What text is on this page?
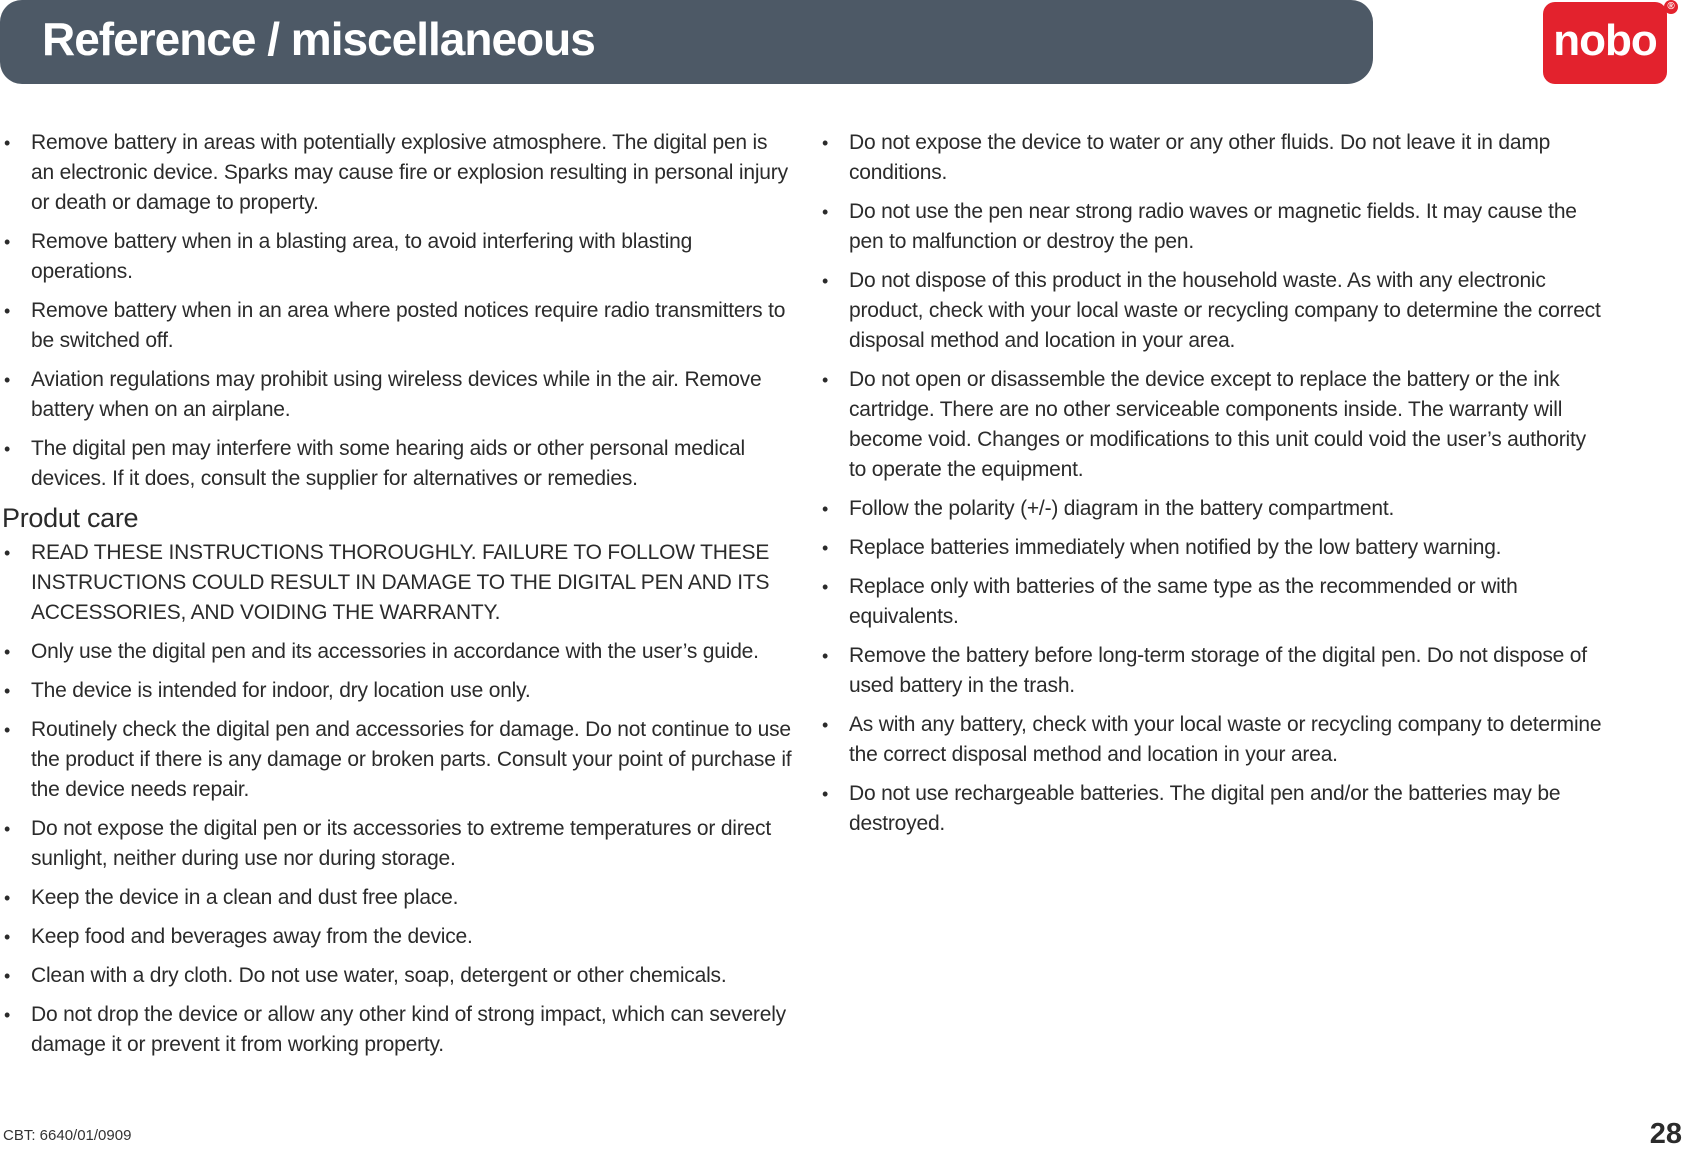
Reference / miscellaneous	nobo
®
• Remove battery in areas with potentially explosive atmosphere. The digital pen is an electronic device. Sparks may cause fire or explosion resulting in personal injury or death or damage to property.
• Remove battery when in a blasting area, to avoid interfering with blasting operations.
• Remove battery when in an area where posted notices require radio transmitters to be switched off.
• Aviation regulations may prohibit using wireless devices while in the air. Remove battery when on an airplane.
• The digital pen may interfere with some hearing aids or other personal medical devices. If it does, consult the supplier for alternatives or remedies.
Produt care
• READ THESE INSTRUCTIONS THOROUGHLY. FAILURE TO FOLLOW THESE INSTRUCTIONS COULD RESULT IN DAMAGE TO THE DIGITAL PEN AND ITS ACCESSORIES, AND VOIDING THE WARRANTY.
• Only use the digital pen and its accessories in accordance with the user’s guide.
• The device is intended for indoor, dry location use only.
• Routinely check the digital pen and accessories for damage. Do not continue to use the product if there is any damage or broken parts. Consult your point of purchase if the device needs repair.
• Do not expose the digital pen or its accessories to extreme temperatures or direct sunlight, neither during use nor during storage.
• Keep the device in a clean and dust free place.
• Keep food and beverages away from the device.
• Clean with a dry cloth. Do not use water, soap, detergent or other chemicals.
• Do not drop the device or allow any other kind of strong impact, which can severely damage it or prevent it from working property.
• Do not expose the device to water or any other fluids. Do not leave it in damp conditions.
• Do not use the pen near strong radio waves or magnetic fields. It may cause the pen to malfunction or destroy the pen.
• Do not dispose of this product in the household waste. As with any electronic product, check with your local waste or recycling company to determine the correct disposal method and location in your area.
• Do not open or disassemble the device except to replace the battery or the ink cartridge. There are no other serviceable components inside. The warranty will become void. Changes or modifications to this unit could void the user’s authority to operate the equipment.
• Follow the polarity (+/-) diagram in the battery compartment.
• Replace batteries immediately when notified by the low battery warning.
• Replace only with batteries of the same type as the recommended or with equivalents.
• Remove the battery before long-term storage of the digital pen. Do not dispose of used battery in the trash.
• As with any battery, check with your local waste or recycling company to determine the correct disposal method and location in your area.
• Do not use rechargeable batteries. The digital pen and/or the batteries may be destroyed.
CBT: 6640/01/0909	28
